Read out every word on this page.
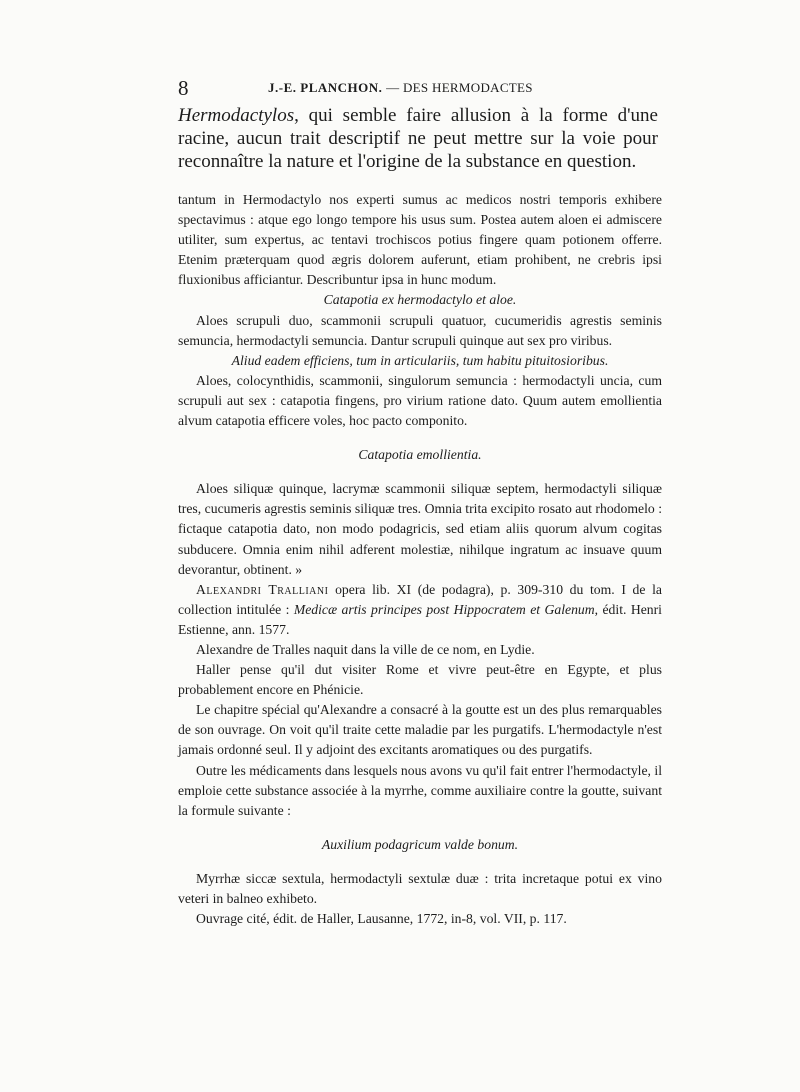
8	J.-E. PLANCHON. — DES HERMODACTES

Hermodactylos, qui semble faire allusion à la forme d'une racine, aucun trait descriptif ne peut mettre sur la voie pour reconnaître la nature et l'origine de la substance en question.

tantum in Hermodactylo nos experti sumus ac medicos nostri temporis exhibere spectavimus : atque ego longo tempore his usus sum. Postea autem aloen ei admiscere utiliter, sum expertus, ac tentavi trochiscos potius fingere quam potionem offerre. Etenim præterquam quod ægris dolorem auferunt, etiam prohibent, ne crebris ipsi fluxionibus afficiantur. Describuntur ipsa in hunc modum.

Catapotia ex hermodactylo et aloe.

Aloes scrupuli duo, scammonii scrupuli quatuor, cucumeridis agrestis seminis semuncia, hermodactyli semuncia. Dantur scrupuli quinque aut sex pro viribus.

Aliud eadem efficiens, tum in articulariis, tum habitu pituitosioribus.

Aloes, colocynthidis, scammonii, singulorum semuncia : hermodactyli uncia, cum scrupuli aut sex : catapotia fingens, pro virium ratione dato. Quum autem emollientia alvum catapotia efficere voles, hoc pacto componito.

Catapotia emollientia.

Aloes siliquæ quinque, lacrymæ scammonii siliquæ septem, hermodactyli siliquæ tres, cucumeris agrestis seminis siliquæ tres. Omnia trita excipito rosato aut rhodomelo : fictaque catapotia dato, non modo podagricis, sed etiam aliis quorum alvum cogitas subducere. Omnia enim nihil adferent molestiæ, nihilque ingratum ac insuave quum devorantur, obtinent. »

Alexandri Tralliani opera lib. XI (de podagra), p. 309-310 du tom. I de la collection intitulée : Medicæ artis principes post Hippocratem et Galenum, édit. Henri Estienne, ann. 1577.

Alexandre de Tralles naquit dans la ville de ce nom, en Lydie.

Haller pense qu'il dut visiter Rome et vivre peut-être en Egypte, et plus probablement encore en Phénicie.

Le chapitre spécial qu'Alexandre a consacré à la goutte est un des plus remarquables de son ouvrage. On voit qu'il traite cette maladie par les purgatifs. L'hermodactyle n'est jamais ordonné seul. Il y adjoint des excitants aromatiques ou des purgatifs.

Outre les médicaments dans lesquels nous avons vu qu'il fait entrer l'hermodactyle, il emploie cette substance associée à la myrrhe, comme auxiliaire contre la goutte, suivant la formule suivante :

Auxilium podagricum valde bonum.

Myrrhæ siccæ sextula, hermodactyli sextulæ duæ : trita incretaque potui ex vino veteri in balneo exhibeto.

Ouvrage cité, édit. de Haller, Lausanne, 1772, in-8, vol. VII, p. 117.
